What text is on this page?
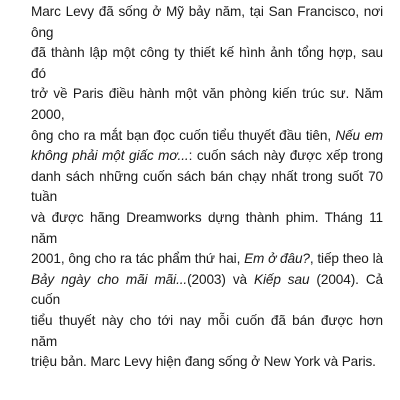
Marc Levy đã sống ở Mỹ bảy năm, tại San Francisco, nơi ông
đã thành lập một công ty thiết kế hình ảnh tổng hợp, sau đó
trở về Paris điều hành một văn phòng kiến trúc sư. Năm 2000,
ông cho ra mắt bạn đọc cuốn tiểu thuyết đầu tiên, Nếu em
không phải một giấc mơ...: cuốn sách này được xếp trong
danh sách những cuốn sách bán chạy nhất trong suốt 70 tuần
và được hãng Dreamworks dựng thành phim. Tháng 11 năm
2001, ông cho ra tác phẩm thứ hai, Em ở đâu?, tiếp theo là
Bảy ngày cho mãi mãi...(2003) và Kiếp sau (2004). Cả cuốn
tiểu thuyết này cho tới nay mỗi cuốn đã bán được hơn năm
triệu bản. Marc Levy hiện đang sống ở New York và Paris.
